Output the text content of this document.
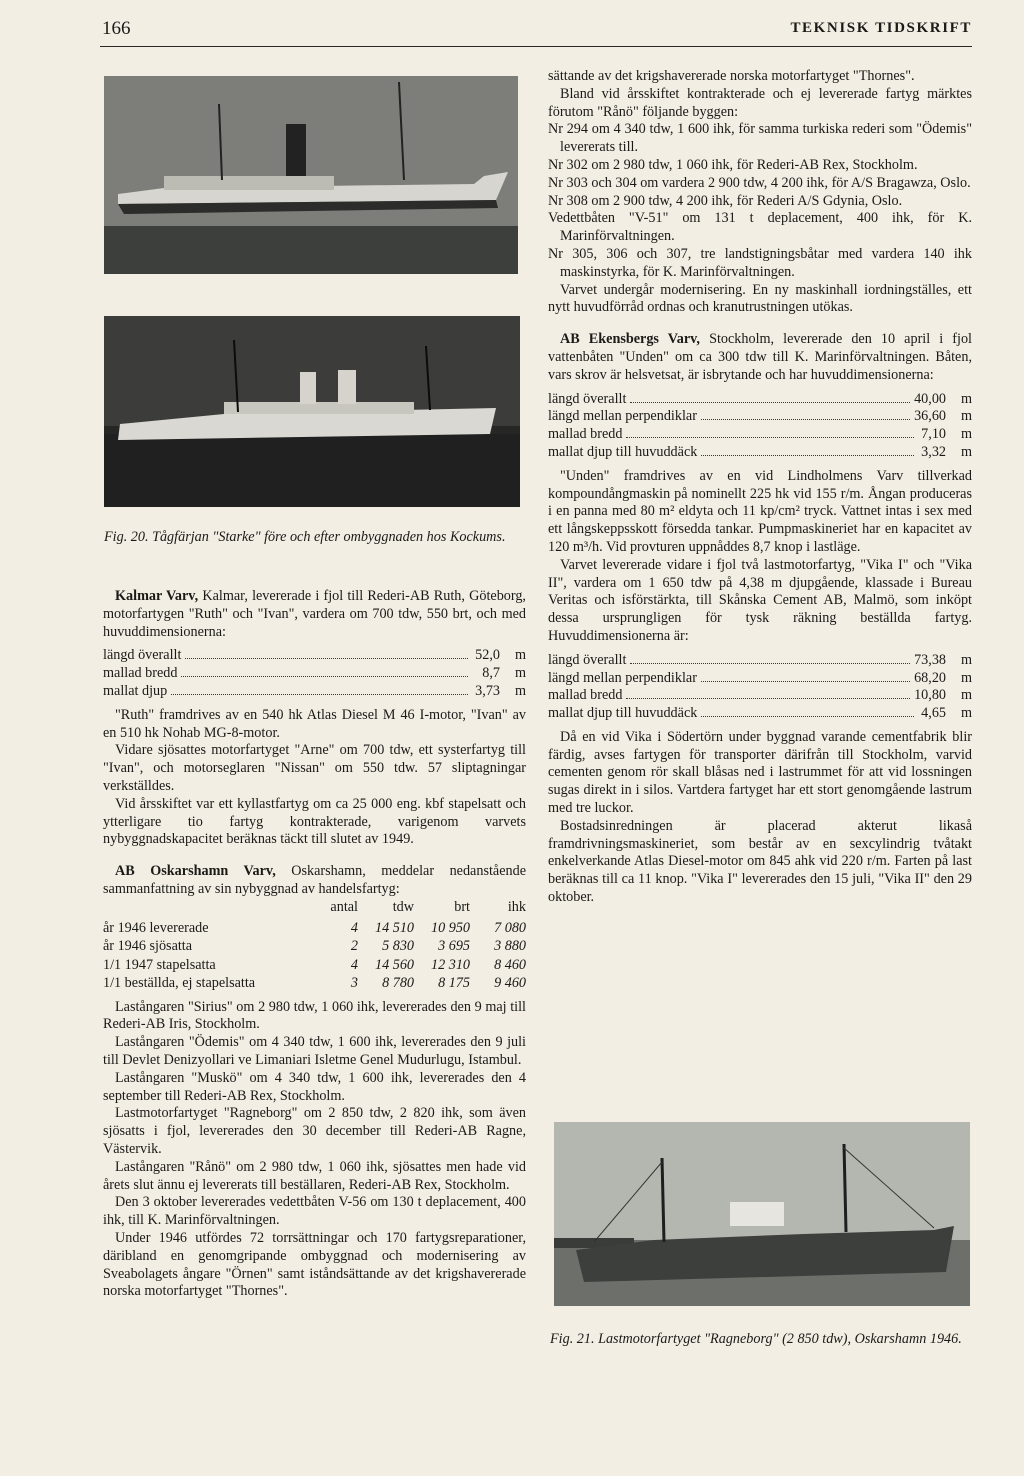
166	TEKNISK TIDSKRIFT
Fig. 20. Tågfärjan "Starke" före och efter ombyggnaden hos Kockums.

Kalmar Varv, Kalmar, levererade i fjol till Rederi-AB Ruth, Göteborg, motorfartygen "Ruth" och "Ivan", vardera om 700 tdw, 550 brt, och med huvuddimensionerna:

längd överallt	52,0	m
mallad bredd	8,7	m
mallat djup	3,73	m

"Ruth" framdrives av en 540 hk Atlas Diesel M 46 I-motor, "Ivan" av en 510 hk Nohab MG-8-motor.

Vidare sjösattes motorfartyget "Arne" om 700 tdw, ett systerfartyg till "Ivan", och motorseglaren "Nissan" om 550 tdw. 57 sliptagningar verkställdes.

Vid årsskiftet var ett kyllastfartyg om ca 25 000 eng. kbf stapelsatt och ytterligare tio fartyg kontrakterade, varigenom varvets nybyggnadskapacitet beräknas täckt till slutet av 1949.

AB Oskarshamn Varv, Oskarshamn, meddelar nedanstående sammanfattning av sin nybyggnad av handelsfartyg:

	antal	tdw	brt	ihk
år 1946 levererade	4	14 510	10 950	7 080
år 1946 sjösatta	2	5 830	3 695	3 880
1/1 1947 stapelsatta	4	14 560	12 310	8 460
1/1 beställda, ej stapelsatta	3	8 780	8 175	9 460

Lastångaren "Sirius" om 2 980 tdw, 1 060 ihk, levererades den 9 maj till Rederi-AB Iris, Stockholm.

Lastångaren "Ödemis" om 4 340 tdw, 1 600 ihk, levererades den 9 juli till Devlet Denizyollari ve Limaniari Isletme Genel Mudurlugu, Istambul.

Lastångaren "Muskö" om 4 340 tdw, 1 600 ihk, levererades den 4 september till Rederi-AB Rex, Stockholm.

Lastmotorfartyget "Ragneborg" om 2 850 tdw, 2 820 ihk, som även sjösatts i fjol, levererades den 30 december till Rederi-AB Ragne, Västervik.

Lastångaren "Rånö" om 2 980 tdw, 1 060 ihk, sjösattes men hade vid årets slut ännu ej levererats till beställaren, Rederi-AB Rex, Stockholm.

Den 3 oktober levererades vedettbåten V-56 om 130 t deplacement, 400 ihk, till K. Marinförvaltningen.

Under 1946 utfördes 72 torrsättningar och 170 fartygsreparationer, däribland en genomgripande ombyggnad och modernisering av Sveabolagets ångare "Örnen" samt iståndsättande av det krigshavererade norska motorfartyget "Thornes".

sättande av det krigshavererade norska motorfartyget "Thornes".

Bland vid årsskiftet kontrakterade och ej levererade fartyg märktes förutom "Rånö" följande byggen:

Nr 294 om 4 340 tdw, 1 600 ihk, för samma turkiska rederi som "Ödemis" levererats till.

Nr 302 om 2 980 tdw, 1 060 ihk, för Rederi-AB Rex, Stockholm.

Nr 303 och 304 om vardera 2 900 tdw, 4 200 ihk, för A/S Bragawza, Oslo.

Nr 308 om 2 900 tdw, 4 200 ihk, för Rederi A/S Gdynia, Oslo.

Vedettbåten "V-51" om 131 t deplacement, 400 ihk, för K. Marinförvaltningen.

Nr 305, 306 och 307, tre landstigningsbåtar med vardera 140 ihk maskinstyrka, för K. Marinförvaltningen.

Varvet undergår modernisering. En ny maskinhall iordningställes, ett nytt huvudförråd ordnas och kranutrustningen utökas.

AB Ekensbergs Varv, Stockholm, levererade den 10 april i fjol vattenbåten "Unden" om ca 300 tdw till K. Marinförvaltningen. Båten, vars skrov är helsvetsat, är isbrytande och har huvuddimensionerna:

längd överallt	40,00	m
längd mellan perpendiklar	36,60	m
mallad bredd	7,10	m
mallat djup till huvuddäck	3,32	m

"Unden" framdrives av en vid Lindholmens Varv tillverkad kompoundångmaskin på nominellt 225 hk vid 155 r/m. Ångan produceras i en panna med 80 m² eldyta och 11 kp/cm² tryck. Vattnet intas i sex med ett långskeppsskott försedda tankar. Pumpmaskineriet har en kapacitet av 120 m³/h. Vid provturen uppnåddes 8,7 knop i lastläge.

Varvet levererade vidare i fjol två lastmotorfartyg, "Vika I" och "Vika II", vardera om 1 650 tdw på 4,38 m djupgående, klassade i Bureau Veritas och isförstärkta, till Skånska Cement AB, Malmö, som inköpt dessa ursprungligen för tysk räkning beställda fartyg. Huvuddimensionerna är:

längd överallt	73,38	m
längd mellan perpendiklar	68,20	m
mallad bredd	10,80	m
mallat djup till huvuddäck	4,65	m

Då en vid Vika i Södertörn under byggnad varande cementfabrik blir färdig, avses fartygen för transporter därifrån till Stockholm, varvid cementen genom rör skall blåsas ned i lastrummet för att vid lossningen sugas direkt in i silos. Vartdera fartyget har ett stort genomgående lastrum med tre luckor.

Bostadsinredningen är placerad akterut likaså framdrivningsmaskineriet, som består av en sexcylindrig tvåtakt enkelverkande Atlas Diesel-motor om 845 ahk vid 220 r/m. Farten på last beräknas till ca 11 knop. "Vika I" levererades den 15 juli, "Vika II" den 29 oktober.

Fig. 21. Lastmotorfartyget "Ragneborg" (2 850 tdw), Oskarshamn 1946.
